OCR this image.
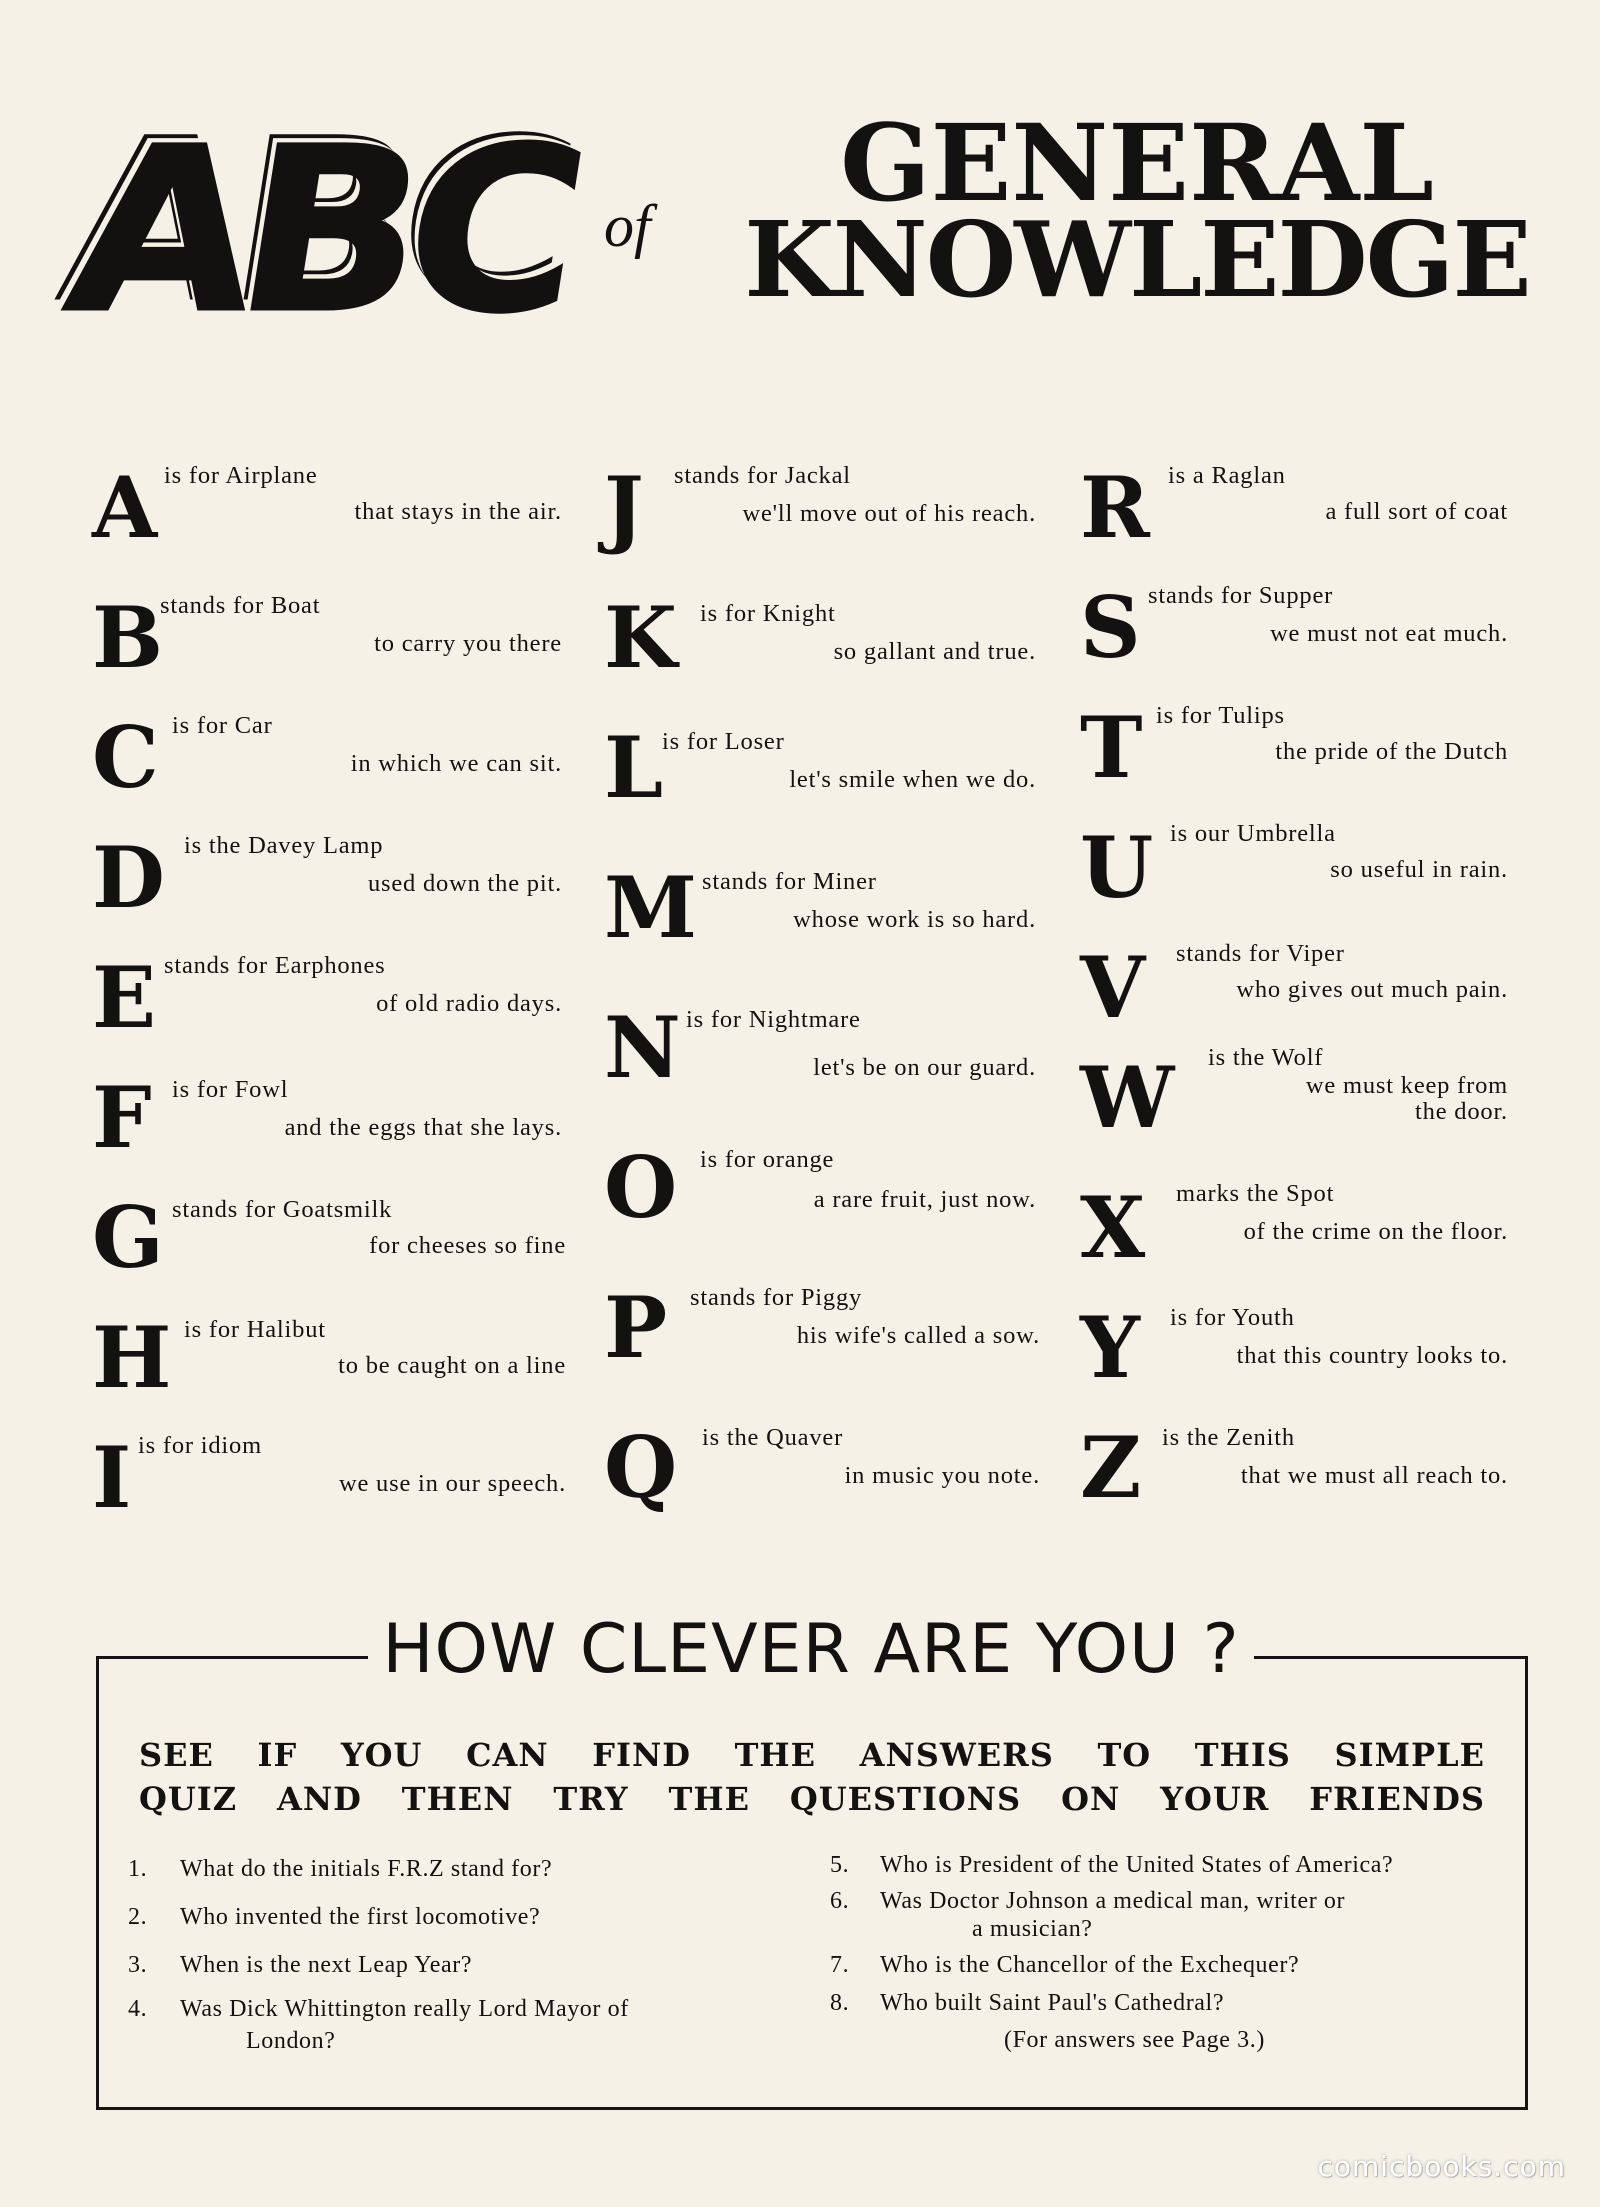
ABC of
GENERAL
KNOWLEDGE
A is for Airplane
that stays in the air.
B
stands for Boat
to carry you there
C is for Car
in which we can sit.
D is the Davey Lamp
used down the pit.
E stands for Earphones
of old radio days.
F is for Fowl
and the eggs that she lays.
G stands for Goatsmilk
for cheeses so fine
H is for Halibut
to be caught on a line
I is for idiom
we use in our speech.
J stands for Jackal
we'll move out of his reach.
K is for Knight
so gallant and true.
L
is for Loser
let's smile when we do.
M stands for Miner
whose work is so hard.
N is for Nightmare
let's be on our guard.
O is for orange
a rare fruit, just now.
P stands for Piggy
his wife's called a sow.
Q is the Quaver
in music you note.
R is a Raglan
a full sort of coat
S stands for Supper
we must not eat much.
T is for Tulips
the pride of the Dutch
U is our Umbrella
so useful in rain.
V stands for Viper
who gives out much pain.
W is the Wolf
we must keep from
the door.
X marks the Spot
of the crime on the floor.
Y is for Youth
that this country looks to.
Z is the Zenith
that we must all reach to.
SEE IF YOU CAN FIND THE ANSWERS TO THIS SIMPLE
QUIZ AND THEN TRY THE QUESTIONS ON YOUR FRIENDS
HOW CLEVER ARE YOU ?
1. What do the initials F.R.Z stand for?
2. Who invented the first locomotive?
3. When is the next Leap Year?
4. Was Dick Whittington really Lord Mayor of
London?
5. Who is President of the United States of America?
6. Was Doctor Johnson a medical man, writer or
a musician?
7. Who is the Chancellor of the Exchequer?
8. Who built Saint Paul's Cathedral?
(For answers see Page 3.)
comicbooks.com
